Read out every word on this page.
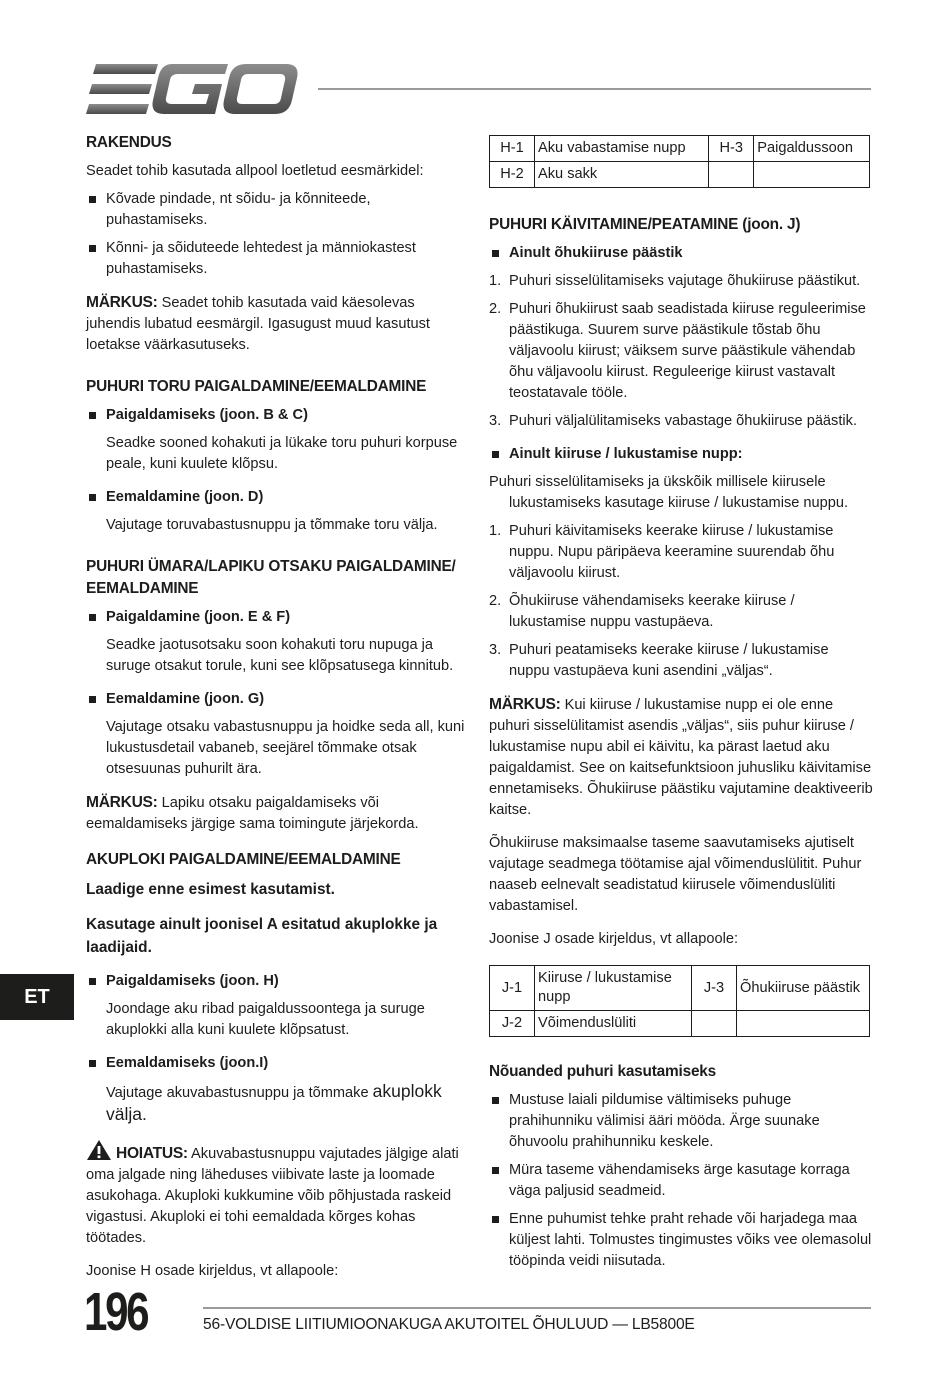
RAKENDUS

Seadet tohib kasutada allpool loetletud eesmärkidel:

Kõvade pindade, nt sõidu- ja kõnniteede, puhastamiseks.
Kõnni- ja sõiduteede lehtedest ja männiokastest puhastamiseks.

MÄRKUS: Seadet tohib kasutada vaid käesolevas juhendis lubatud eesmärgil. Igasugust muud kasutust loetakse väärkasutuseks.

PUHURI TORU PAIGALDAMINE/EEMALDAMINE
Paigaldamiseks (joon. B & C)

Seadke sooned kohakuti ja lükake toru puhuri korpuse peale, kuni kuulete klõpsu.

Eemaldamine (joon. D)

Vajutage toruvabastusnuppu ja tõmmake toru välja.

PUHURI ÜMARA/LAPIKU OTSAKU PAIGALDAMINE/ EEMALDAMINE
Paigaldamine (joon. E & F)

Seadke jaotusotsaku soon kohakuti toru nupuga ja suruge otsakut torule, kuni see klõpsatusega kinnitub.

Eemaldamine (joon. G)

Vajutage otsaku vabastusnuppu ja hoidke seda all, kuni lukustusdetail vabaneb, seejärel tõmmake otsak otsesuunas puhurilt ära.

MÄRKUS: Lapiku otsaku paigaldamiseks või eemaldamiseks järgige sama toimingute järjekorda.

AKUPLOKI PAIGALDAMINE/EEMALDAMINE

Laadige enne esimest kasutamist.

Kasutage ainult joonisel A esitatud akuplokke ja laadijaid.

Paigaldamiseks (joon. H)

Joondage aku ribad paigaldussoontega ja suruge akuplokki alla kuni kuulete klõpsatust.

Eemaldamiseks (joon.I)

Vajutage akuvabastusnuppu ja tõmmake akuplokk välja.

HOIATUS: Akuvabastusnuppu vajutades jälgige alati oma jalgade ning läheduses viibivate laste ja loomade asukohaga. Akuploki kukkumine võib põhjustada raskeid vigastusi. Akuploki ei tohi eemaldada kõrges kohas töötades.

Joonise H osade kirjeldus, vt allapoole:

H-1	Aku vabastamise nupp	H-3	Paigaldussoon
H-2	Aku sakk		
PUHURI KÄIVITAMINE/PEATAMINE (joon. J)
Ainult õhukiiruse päästik
1. Puhuri sisselülitamiseks vajutage õhukiiruse päästikut.
2. Puhuri õhukiirust saab seadistada kiiruse reguleerimise päästikuga. Suurem surve päästikule tõstab õhu väljavoolu kiirust; väiksem surve päästikule vähendab õhu väljavoolu kiirust. Reguleerige kiirust vastavalt teostatavale tööle.
3. Puhuri väljalülitamiseks vabastage õhukiiruse päästik.
Ainult kiiruse / lukustamise nupp:

Puhuri sisselülitamiseks ja ükskõik millisele kiirusele lukustamiseks kasutage kiiruse / lukustamise nuppu.

1. Puhuri käivitamiseks keerake kiiruse / lukustamise nuppu. Nupu päripäeva keeramine suurendab õhu väljavoolu kiirust.
2. Õhukiiruse vähendamiseks keerake kiiruse / lukustamise nuppu vastupäeva.
3. Puhuri peatamiseks keerake kiiruse / lukustamise nuppu vastupäeva kuni asendini „väljas“.

MÄRKUS: Kui kiiruse / lukustamise nupp ei ole enne puhuri sisselülitamist asendis „väljas“, siis puhur kiiruse / lukustamise nupu abil ei käivitu, ka pärast laetud aku paigaldamist. See on kaitsefunktsioon juhusliku käivitamise ennetamiseks. Õhukiiruse päästiku vajutamine deaktiveerib kaitse.

Õhukiiruse maksimaalse taseme saavutamiseks ajutiselt vajutage seadmega töötamise ajal võimenduslülitit. Puhur naaseb eelnevalt seadistatud kiirusele võimenduslüliti vabastamisel.

Joonise J osade kirjeldus, vt allapoole:

J-1	Kiiruse / lukustamise nupp	J-3	Õhukiiruse päästik
J-2	Võimenduslüliti		
Nõuanded puhuri kasutamiseks
Mustuse laiali pildumise vältimiseks puhuge prahihunniku välimisi ääri mööda. Ärge suunake õhuvoolu prahihunniku keskele.
Müra taseme vähendamiseks ärge kasutage korraga väga paljusid seadmeid.
Enne puhumist tehke praht rehade või harjadega maa küljest lahti. Tolmustes tingimustes võiks vee olemasolul tööpinda veidi niisutada.
ET
196	56-VOLDISE LIITIUMIOONAKUGA AKUTOITEL ÕHULUUD — LB5800E
